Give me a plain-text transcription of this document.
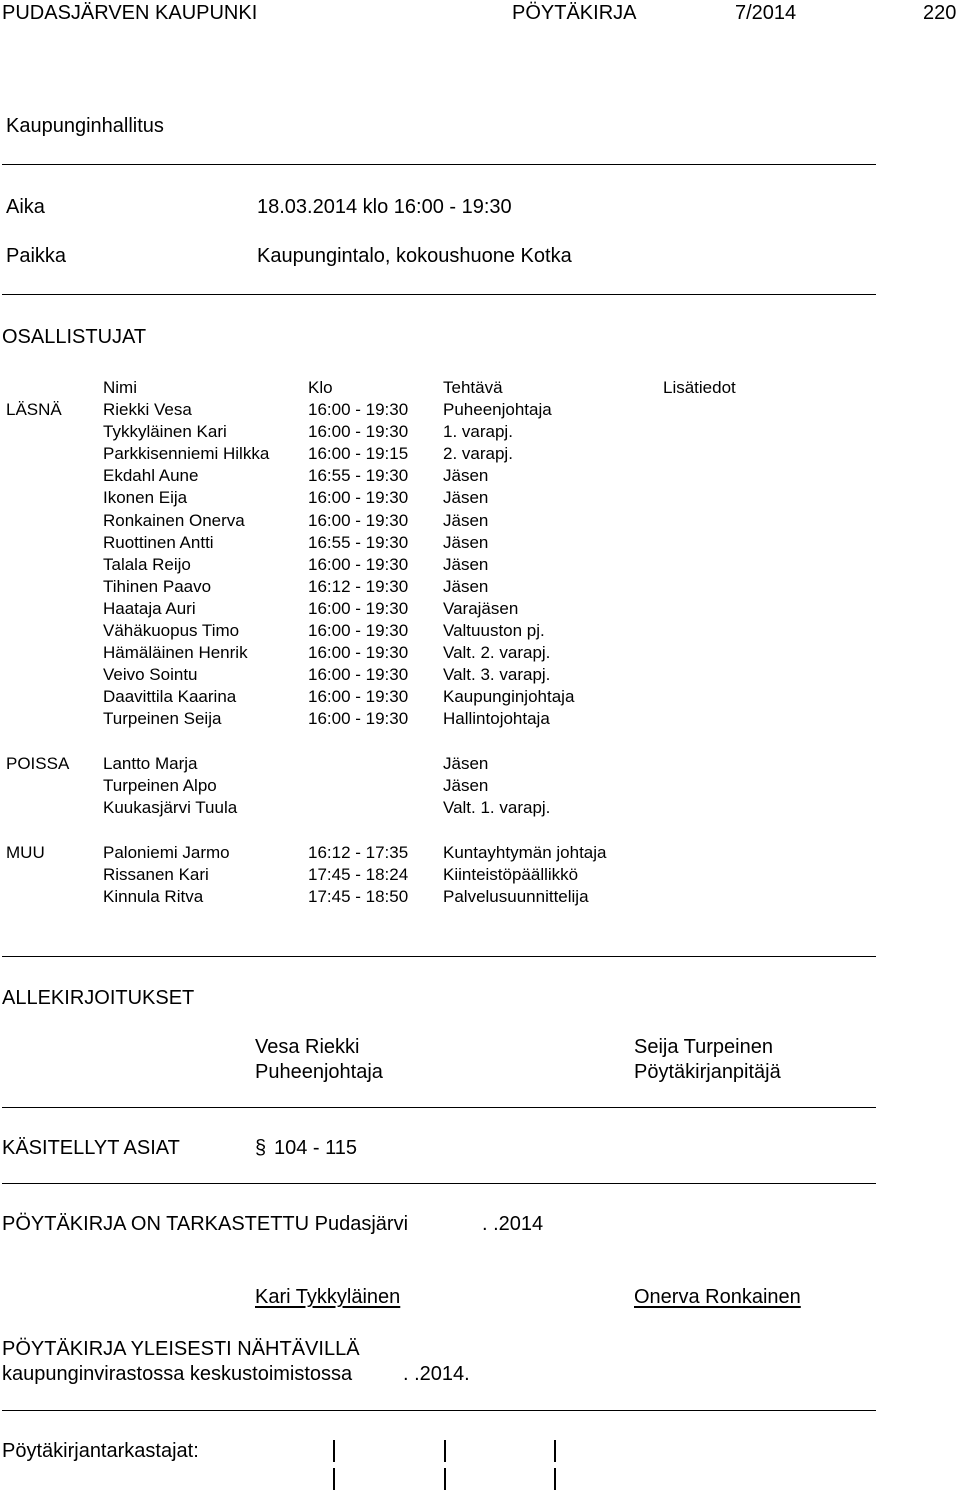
PUDASJÄRVEN KAUPUNKI	PÖYTÄKIRJA	7/2014	220
Kaupunginhallitus
Aika	18.03.2014 klo 16:00 - 19:30
Paikka	Kaupungintalo, kokoushuone Kotka
OSALLISTUJAT
Nimi	Klo	Tehtävä	Lisätiedot
LÄSNÄ Riekki Vesa	16:00 - 19:30 Puheenjohtaja
Tykkyläinen Kari	16:00 - 19:30 1. varapj.
Parkkisenniemi Hilkka 16:00 - 19:15 2. varapj.
Ekdahl Aune	16:55 - 19:30 Jäsen
Ikonen Eija	16:00 - 19:30 Jäsen
Ronkainen Onerva	16:00 - 19:30 Jäsen
Ruottinen Antti	16:55 - 19:30 Jäsen
Talala Reijo	16:00 - 19:30 Jäsen
Tihinen Paavo	16:12 - 19:30 Jäsen
Haataja Auri	16:00 - 19:30 Varajäsen
Vähäkuopus Timo	16:00 - 19:30 Valtuuston pj.
Hämäläinen Henrik	16:00 - 19:30 Valt. 2. varapj.
Veivo Sointu	16:00 - 19:30 Valt. 3. varapj.
Daavittila Kaarina	16:00 - 19:30 Kaupunginjohtaja
Turpeinen Seija	16:00 - 19:30 Hallintojohtaja
POISSA Lantto Marja	Jäsen
Turpeinen Alpo	Jäsen
Kuukasjärvi Tuula	Valt. 1. varapj.
MUU	Paloniemi Jarmo	16:12 - 17:35 Kuntayhtymän johtaja
Rissanen Kari	17:45 - 18:24 Kiinteistöpäällikkö
Kinnula Ritva	17:45 - 18:50 Palvelusuunnittelija
ALLEKIRJOITUKSET
Vesa Riekki
Puheenjohtaja
Seija Turpeinen
Pöytäkirjanpitäjä
KÄSITELLYT ASIAT	§ 104 - 115
PÖYTÄKIRJA ON TARKASTETTU Pudasjärvi	. .2014
Kari Tykkyläinen	Onerva Ronkainen
PÖYTÄKIRJA YLEISESTI NÄHTÄVILLÄ
kaupunginvirastossa keskustoimistossa	. .2014.
Pöytäkirjantarkastajat:
